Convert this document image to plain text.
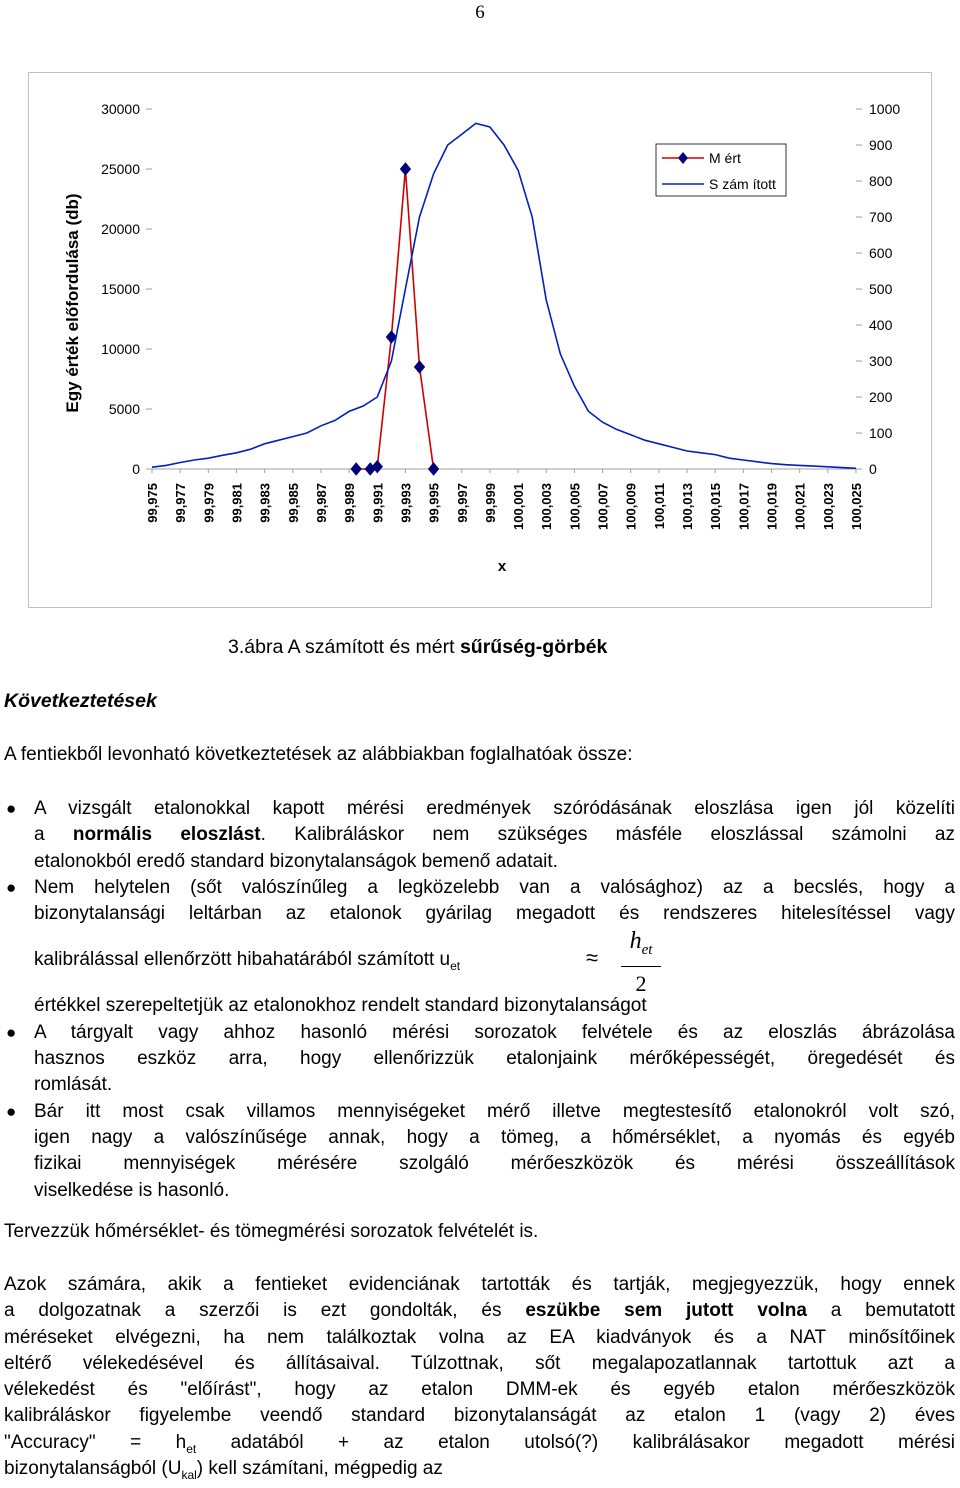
6
Egy érték előfordulása (db)
x
0
5000
10000
15000
20000
25000
30000
0
100
200
300
400
500
600
700
800
900
1000
99,975 99,977 99,979 99,981 99,983 99,985 99,987 99,989 99,991 99,993 99,995 99,997 99,999 100,001 100,003 100,005 100,007 100,009 100,011 100,013 100,015 100,017 100,019 100,021 100,023 100,025
M ért
S zám ított
3.ábra A számított és mért sűrűség-görbék
Következtetések
A fentiekből levonható következtetések az alábbiakban foglalhatóak össze:
● A vizsgált etalonokkal kapott mérési eredmények szóródásának eloszlása igen jól közelíti
a normális eloszlást. Kalibráláskor nem szükséges másféle eloszlással számolni az
etalonokból eredő standard bizonytalanságok bemenő adatait.
● Nem helytelen (sőt valószínűleg a legközelebb van a valósághoz) az a becslés, hogy a
bizonytalansági leltárban az etalonok gyárilag megadott és rendszeres hitelesítéssel vagy
kalibrálással ellenőrzött hibahatárából számított $u_{et}$	≈
$h_{et}$
2
értékkel szerepeltetjük az etalonokhoz rendelt standard bizonytalanságot
● A tárgyalt vagy ahhoz hasonló mérési sorozatok felvétele és az eloszlás ábrázolása
hasznos eszköz arra, hogy ellenőrizzük etalonjaink mérőképességét, öregedését és
romlását.
● Bár itt most csak villamos mennyiségeket mérő illetve megtestesítő etalonokról volt szó,
igen nagy a valószínűsége annak, hogy a tömeg, a hőmérséklet, a nyomás és egyéb
fizikai mennyiségek mérésére szolgáló mérőeszközök és mérési összeállítások
viselkedése is hasonló.
Tervezzük hőmérséklet- és tömegmérési sorozatok felvételét is.
Azok számára, akik a fentieket evidenciának tartották és tartják, megjegyezzük, hogy ennek
a dolgozatnak a szerzői is ezt gondolták, és eszükbe sem jutott volna a bemutatott
méréseket elvégezni, ha nem találkoztak volna az EA kiadványok és a NAT minősítőinek
eltérő vélekedésével és állításaival. Túlzottnak, sőt megalapozatlannak tartottuk azt a
vélekedést és "előírást", hogy az etalon DMM-ek és egyéb etalon mérőeszközök
kalibráláskor figyelembe veendő standard bizonytalanságát az etalon 1 (vagy 2) éves
"Accuracy" = $h_{et}$ adatából + az etalon utolsó(?) kalibrálásakor megadott mérési
bizonytalanságból $(U_{kal})$ kell számítani, mégpedig az
